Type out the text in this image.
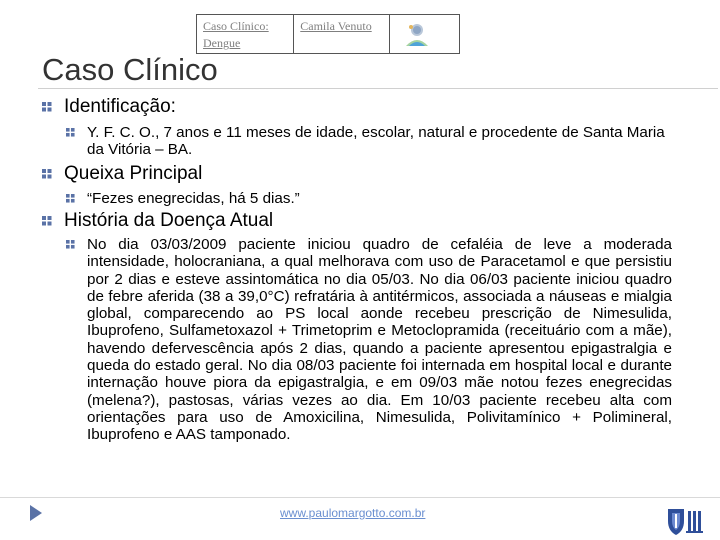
Caso Clínico: Dengue
Camila Venuto
Caso Clínico
Identificação:
Y. F. C. O., 7 anos e 11 meses de idade, escolar, natural e procedente de Santa Maria da Vitória – BA.
Queixa Principal
“Fezes enegrecidas, há 5 dias.”
História da Doença Atual
No dia 03/03/2009 paciente iniciou quadro de cefaléia de leve a moderada intensidade, holocraniana, a qual melhorava com uso de Paracetamol e que persistiu por 2 dias e esteve assintomática no dia 05/03. No dia 06/03 paciente iniciou quadro de febre aferida (38 a 39,0°C) refratária à antitérmicos, associada a náuseas e mialgia global, comparecendo ao PS local aonde recebeu prescrição de Nimesulida, Ibuprofeno, Sulfametoxazol + Trimetoprim e Metoclopramida (receituário com a mãe), havendo defervescência após 2 dias, quando a paciente apresentou epigastralgia e queda do estado geral. No dia 08/03 paciente foi internada em hospital local e durante internação houve piora da epigastralgia, e em 09/03 mãe notou fezes enegrecidas (melena?), pastosas, várias vezes ao dia. Em 10/03 paciente recebeu alta com orientações para uso de Amoxicilina, Nimesulida, Polivitamínico + Polimineral, Ibuprofeno e AAS tamponado.
www.paulomargotto.com.br
